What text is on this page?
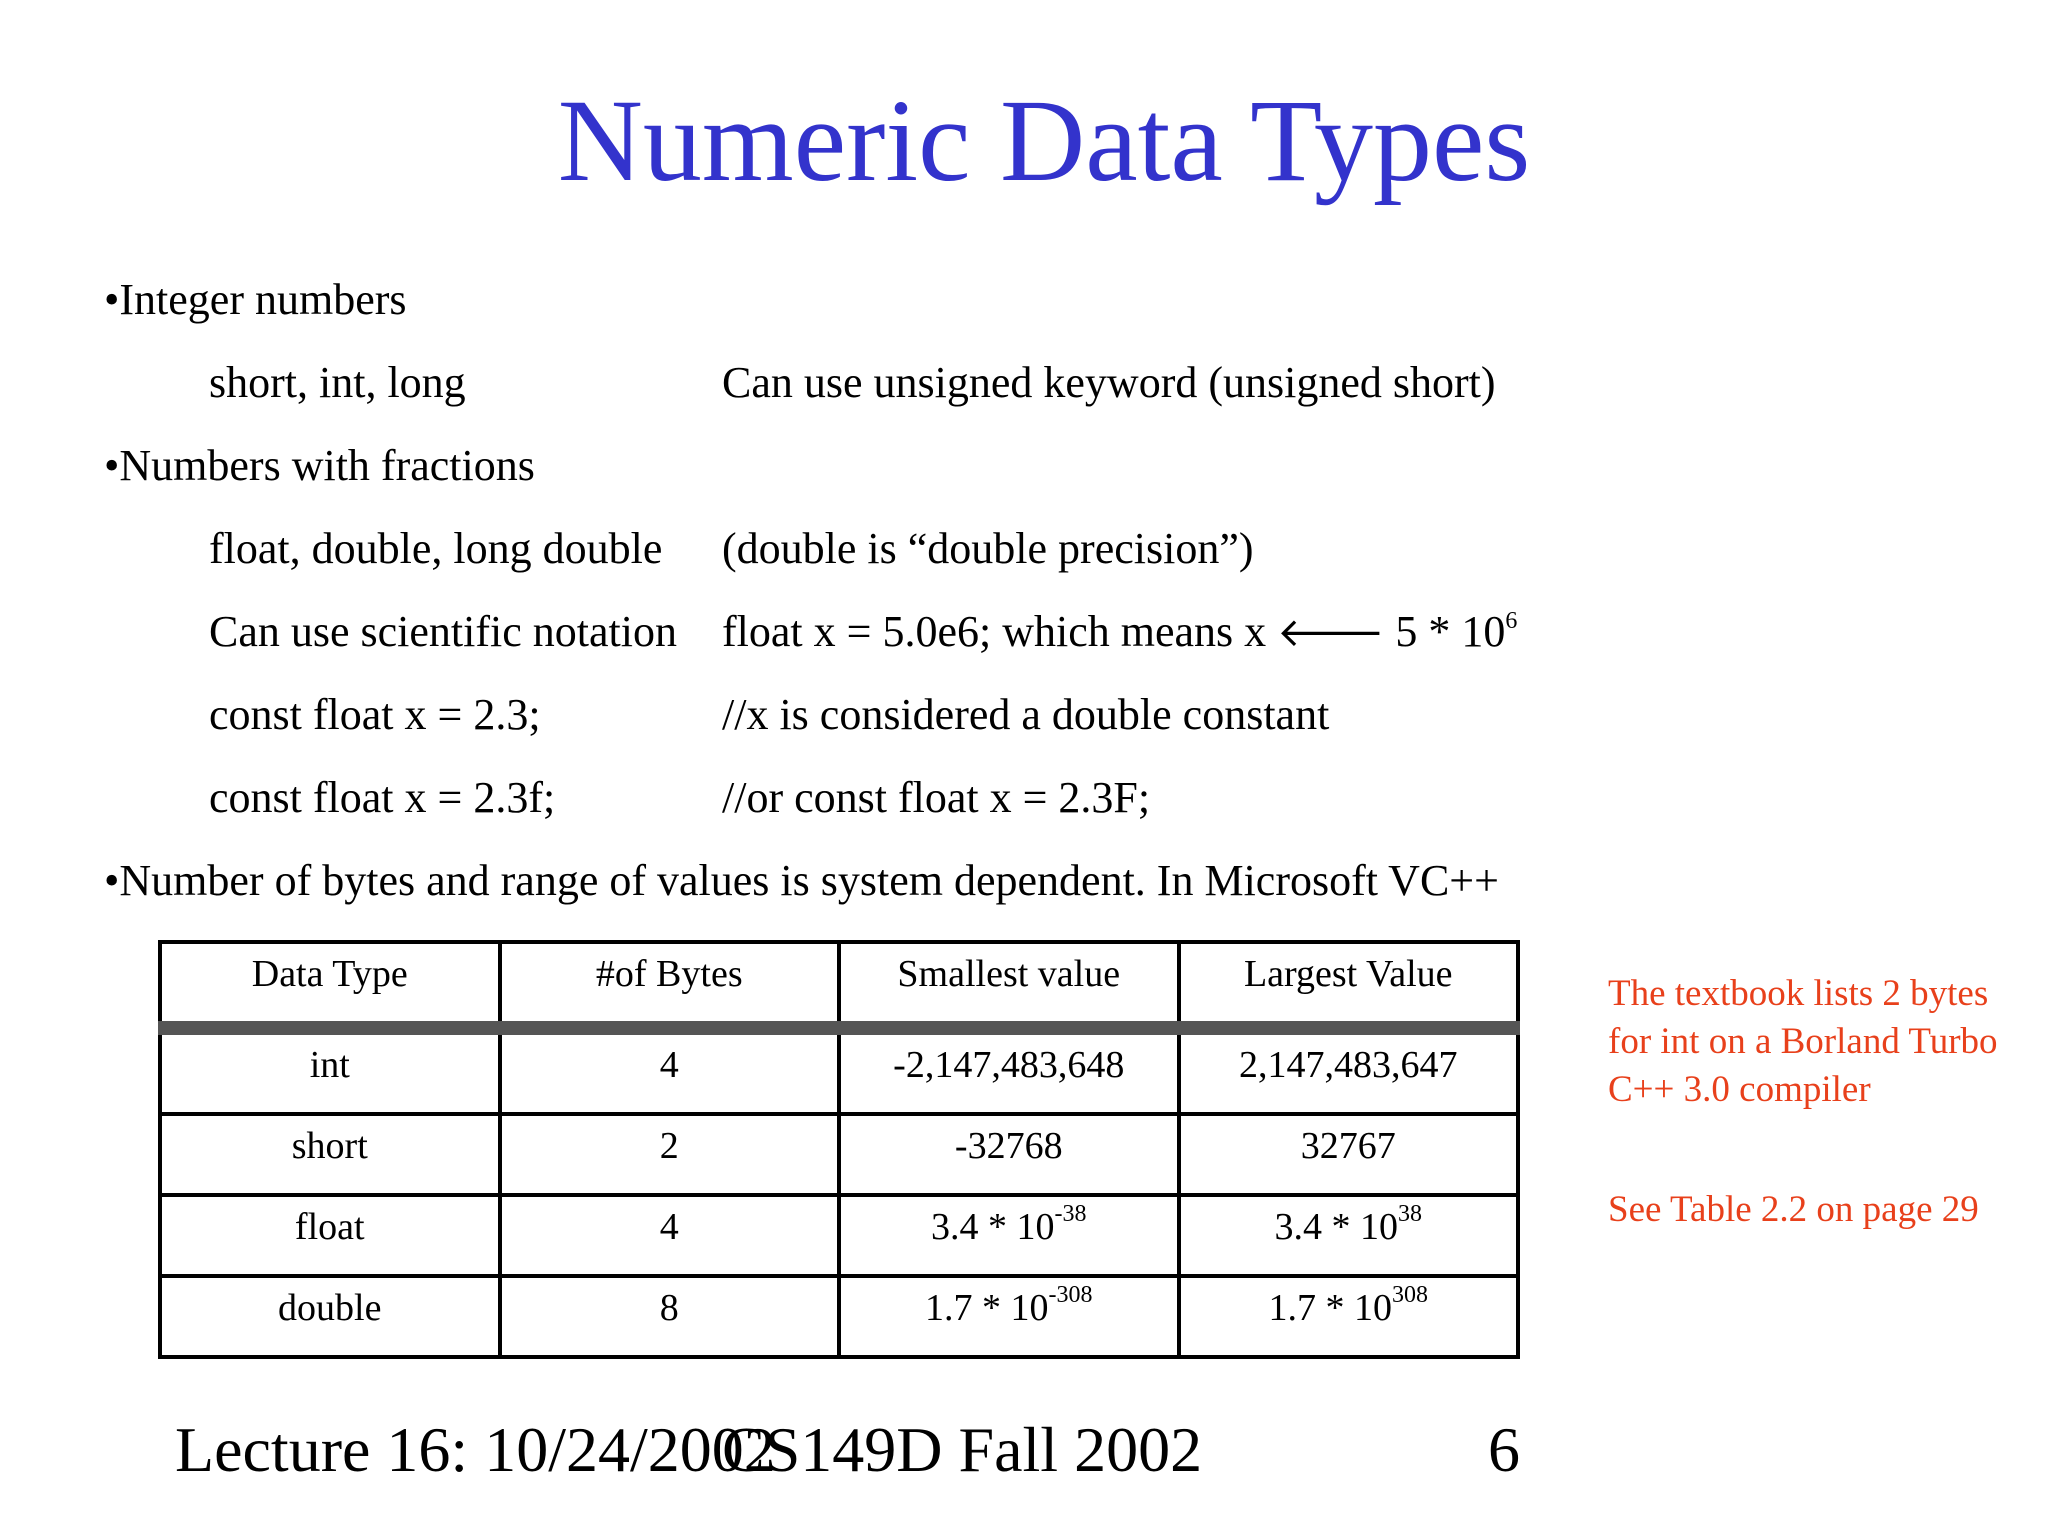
Numeric Data Types
•Integer numbers
short, int, long	Can use unsigned keyword (unsigned short)
•Numbers with fractions
float, double, long double (double is “double precision”)
Can use scientific notation float x = 5.0e6; which means x 🡐 $5 * 10^6$
const float x = 2.3;	//x is considered a double constant
const float x = 2.3f;	//or const float x = 2.3F;
•Number of bytes and range of values is system dependent. In Microsoft VC++
Data Type	#of Bytes	Smallest value	Largest Value
int	4	-2,147,483,648	2,147,483,647
short	2	-32768	32767
float	4	$3.4 * 10^{-38}$	$3.4 * 10^{38}$
double	8	$1.7 * 10^{-308}$	$1.7 * 10^{308}$
The textbook lists 2 bytes for int on a Borland Turbo C++ 3.0 compiler
See Table 2.2 on page 29
Lecture 16: 10/24/2002
CS149D Fall 2002	6
